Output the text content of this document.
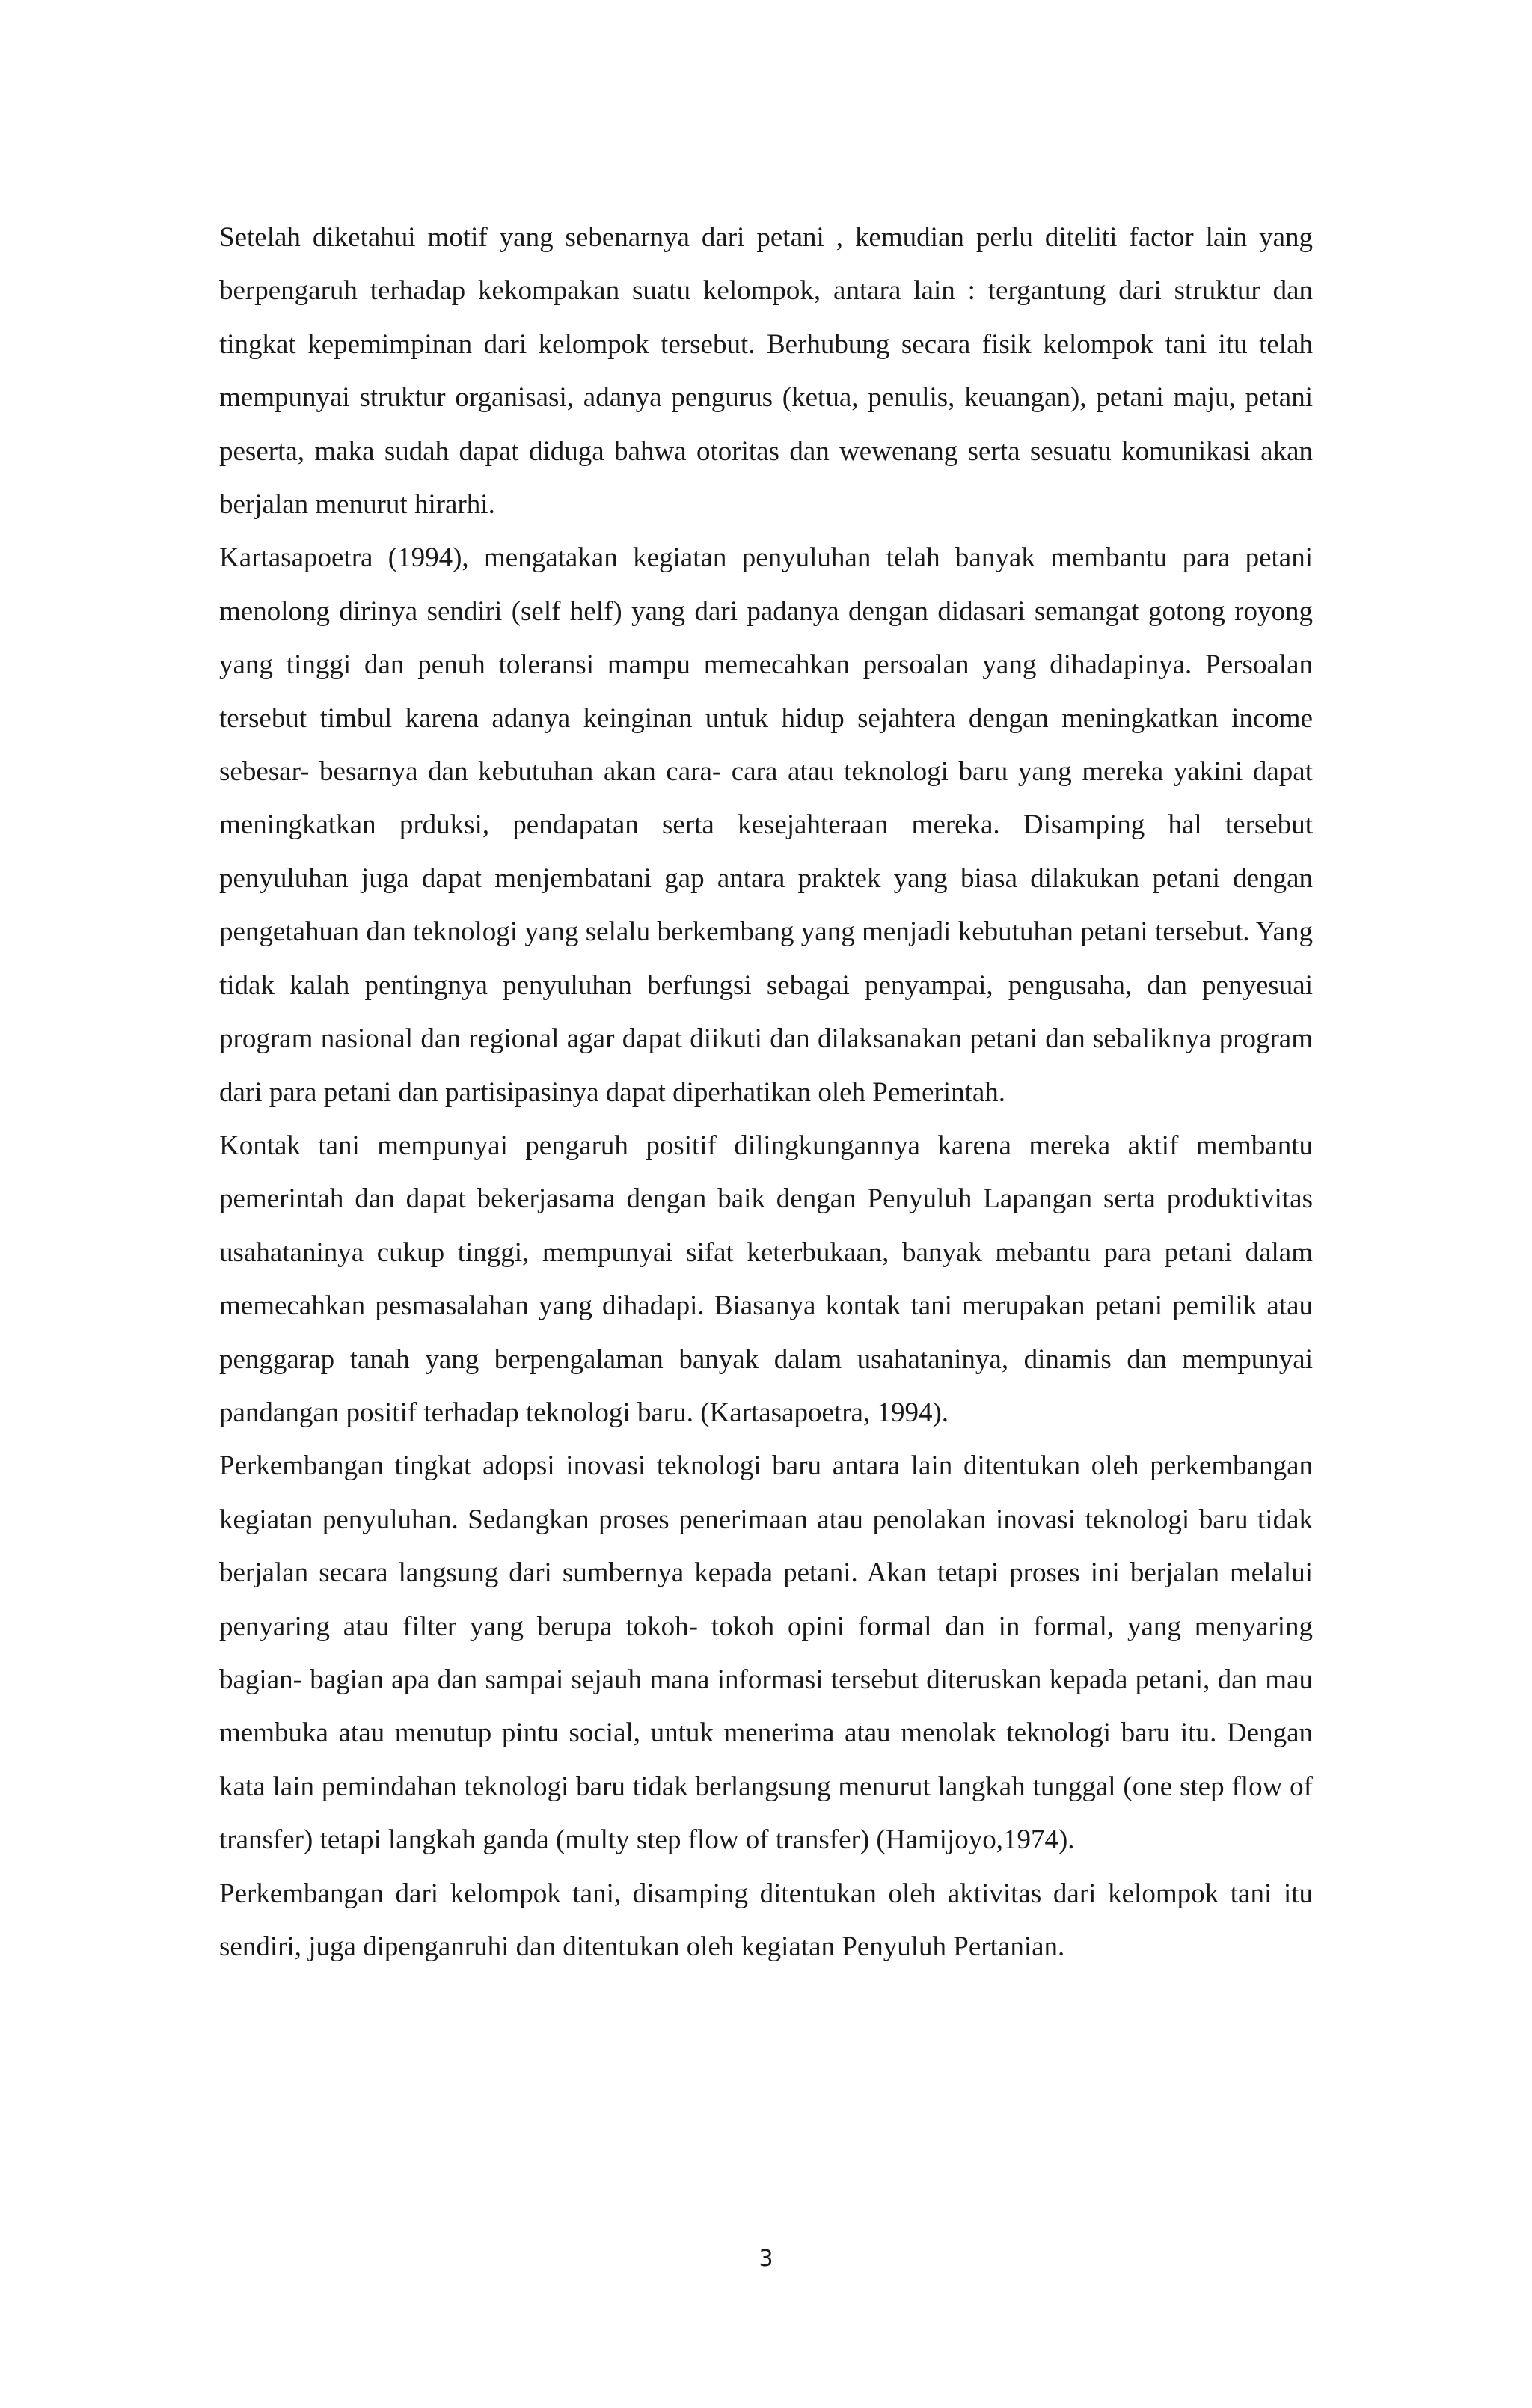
Setelah diketahui motif yang sebenarnya dari petani , kemudian perlu diteliti factor lain yang berpengaruh terhadap kekompakan suatu kelompok, antara lain : tergantung dari struktur dan tingkat kepemimpinan dari kelompok tersebut. Berhubung secara fisik kelompok tani itu telah mempunyai struktur organisasi, adanya pengurus (ketua, penulis, keuangan), petani maju, petani peserta, maka sudah dapat diduga bahwa otoritas dan wewenang serta sesuatu komunikasi akan berjalan menurut hirarhi.

Kartasapoetra (1994), mengatakan kegiatan penyuluhan telah banyak membantu para petani menolong dirinya sendiri (self helf) yang dari padanya dengan didasari semangat gotong royong yang tinggi dan penuh toleransi mampu memecahkan persoalan yang dihadapinya. Persoalan tersebut timbul karena adanya keinginan untuk hidup sejahtera dengan meningkatkan income sebesar- besarnya dan kebutuhan akan cara- cara atau teknologi baru yang mereka yakini dapat meningkatkan prduksi, pendapatan serta kesejahteraan mereka. Disamping hal tersebut penyuluhan juga dapat menjembatani gap antara praktek yang biasa dilakukan petani dengan pengetahuan dan teknologi yang selalu berkembang yang menjadi kebutuhan petani tersebut. Yang tidak kalah pentingnya penyuluhan berfungsi sebagai penyampai, pengusaha, dan penyesuai program nasional dan regional agar dapat diikuti dan dilaksanakan petani dan sebaliknya program dari para petani dan partisipasinya dapat diperhatikan oleh Pemerintah.

Kontak tani mempunyai pengaruh positif dilingkungannya karena mereka aktif membantu pemerintah dan dapat bekerjasama dengan baik dengan Penyuluh Lapangan serta produktivitas usahataninya cukup tinggi, mempunyai sifat keterbukaan, banyak mebantu para petani dalam memecahkan pesmasalahan yang dihadapi. Biasanya kontak tani merupakan petani pemilik atau penggarap tanah yang berpengalaman banyak dalam usahataninya, dinamis dan mempunyai pandangan positif terhadap teknologi baru. (Kartasapoetra, 1994).

Perkembangan tingkat adopsi inovasi teknologi baru antara lain ditentukan oleh perkembangan kegiatan penyuluhan. Sedangkan proses penerimaan atau penolakan inovasi teknologi baru tidak berjalan secara langsung dari sumbernya kepada petani. Akan tetapi proses ini berjalan melalui penyaring atau filter yang berupa tokoh- tokoh opini formal dan in formal, yang menyaring bagian- bagian apa dan sampai sejauh mana informasi tersebut diteruskan kepada petani, dan mau membuka atau menutup pintu social, untuk menerima atau menolak teknologi baru itu. Dengan kata lain pemindahan teknologi baru tidak berlangsung menurut langkah tunggal (one step flow of transfer) tetapi langkah ganda (multy step flow of transfer) (Hamijoyo,1974).

Perkembangan dari kelompok tani, disamping ditentukan oleh aktivitas dari kelompok tani itu sendiri, juga dipenganruhi dan ditentukan oleh kegiatan Penyuluh Pertanian.

3
